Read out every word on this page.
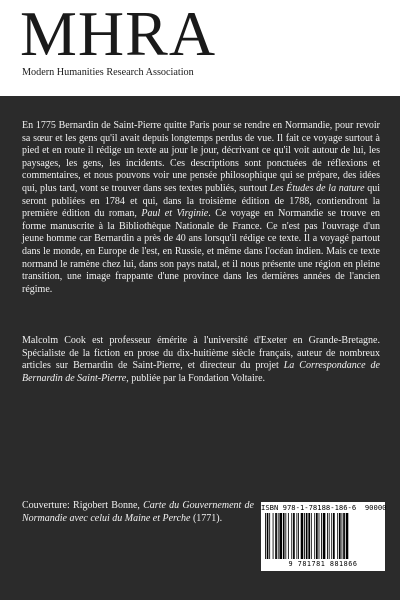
MHRA
Modern Humanities Research Association
En 1775 Bernardin de Saint-Pierre quitte Paris pour se rendre en Normandie, pour revoir sa sœur et les gens qu'il avait depuis longtemps perdus de vue. Il fait ce voyage surtout à pied et en route il rédige un texte au jour le jour, décrivant ce qu'il voit autour de lui, les paysages, les gens, les incidents. Ces descriptions sont ponctuées de réflexions et commentaires, et nous pouvons voir une pensée philosophique qui se prépare, des idées qui, plus tard, vont se trouver dans ses textes publiés, surtout Les Études de la nature qui seront publiées en 1784 et qui, dans la troisième édition de 1788, contiendront la première édition du roman, Paul et Virginie. Ce voyage en Normandie se trouve en forme manuscrite à la Bibliothèque Nationale de France. Ce n'est pas l'ouvrage d'un jeune homme car Bernardin a près de 40 ans lorsqu'il rédige ce texte. Il a voyagé partout dans le monde, en Europe de l'est, en Russie, et même dans l'océan indien. Mais ce texte normand le ramène chez lui, dans son pays natal, et il nous présente une région en pleine transition, une image frappante d'une province dans les dernières années de l'ancien régime.
Malcolm Cook est professeur émérite à l'université d'Exeter en Grande-Bretagne. Spécialiste de la fiction en prose du dix-huitième siècle français, auteur de nombreux articles sur Bernardin de Saint-Pierre, et directeur du projet La Correspondance de Bernardin de Saint-Pierre, publiée par la Fondation Voltaire.
Couverture: Rigobert Bonne, Carte du Gouvernement de Normandie avec celui du Maine et Perche (1771).
ISBN 978-1-78188-186-6 90000
9 781781 881866
